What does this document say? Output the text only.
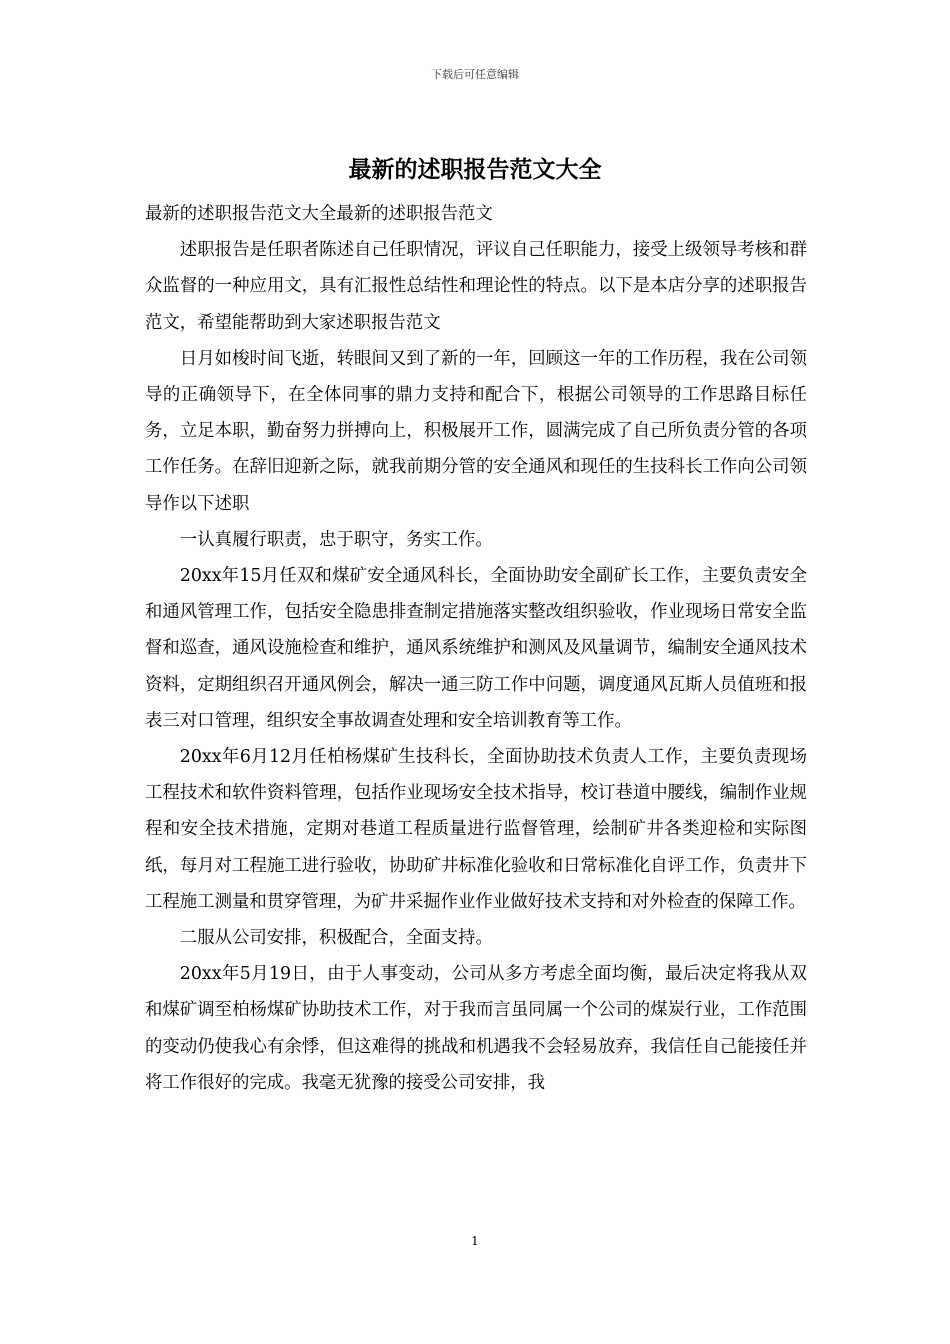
下载后可任意编辑
最新的述职报告范文大全

最新的述职报告范文大全最新的述职报告范文

述职报告是任职者陈述自己任职情况，评议自己任职能力，接受上级领导考核和群众监督的一种应用文，具有汇报性总结性和理论性的特点。以下是本店分享的述职报告范文，希望能帮助到大家述职报告范文

日月如梭时间飞逝，转眼间又到了新的一年，回顾这一年的工作历程，我在公司领导的正确领导下，在全体同事的鼎力支持和配合下，根据公司领导的工作思路目标任务，立足本职，勤奋努力拼搏向上，积极展开工作，圆满完成了自己所负责分管的各项工作任务。在辞旧迎新之际，就我前期分管的安全通风和现任的生技科长工作向公司领导作以下述职

一认真履行职责，忠于职守，务实工作。

20xx年15月任双和煤矿安全通风科长，全面协助安全副矿长工作，主要负责安全和通风管理工作，包括安全隐患排查制定措施落实整改组织验收，作业现场日常安全监督和巡查，通风设施检查和维护，通风系统维护和测风及风量调节，编制安全通风技术资料，定期组织召开通风例会，解决一通三防工作中问题，调度通风瓦斯人员值班和报表三对口管理，组织安全事故调查处理和安全培训教育等工作。

20xx年6月12月任柏杨煤矿生技科长，全面协助技术负责人工作，主要负责现场工程技术和软件资料管理，包括作业现场安全技术指导，校订巷道中腰线，编制作业规程和安全技术措施，定期对巷道工程质量进行监督管理，绘制矿井各类迎检和实际图纸，每月对工程施工进行验收，协助矿井标准化验收和日常标准化自评工作，负责井下工程施工测量和贯穿管理，为矿井采掘作业作业做好技术支持和对外检查的保障工作。

二服从公司安排，积极配合，全面支持。

20xx年5月19日，由于人事变动，公司从多方考虑全面均衡，最后决定将我从双和煤矿调至柏杨煤矿协助技术工作，对于我而言虽同属一个公司的煤炭行业，工作范围的变动仍使我心有余悸，但这难得的挑战和机遇我不会轻易放弃，我信任自己能接任并将工作很好的完成。我毫无犹豫的接受公司安排，我

1
